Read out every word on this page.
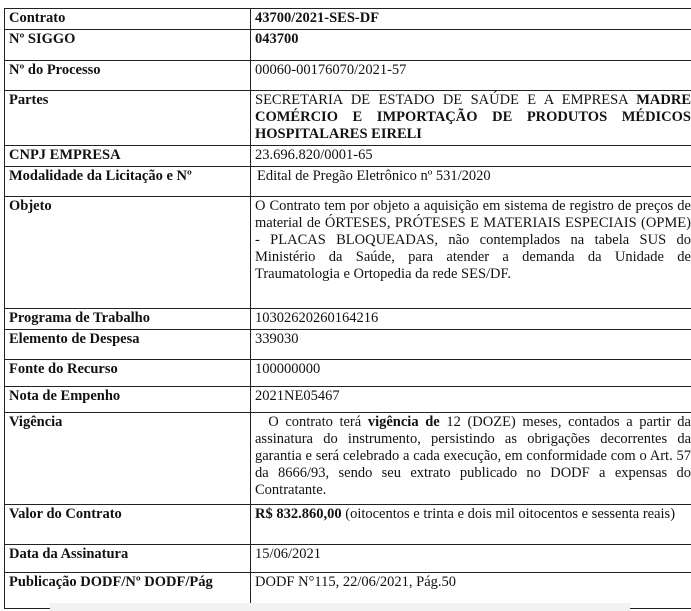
Contrato	43700/2021-SES-DF
Nº SIGGO	043700
Nº do Processo	00060-00176070/2021-57
Partes	SECRETARIA DE ESTADO DE SAÚDE E A EMPRESA MADRE COMÉRCIO E IMPORTAÇÃO DE PRODUTOS MÉDICOS HOSPITALARES EIRELI
CNPJ EMPRESA	23.696.820/0001-65
Modalidade da Licitação e Nº	Edital de Pregão Eletrônico nº 531/2020
Objeto	O Contrato tem por objeto a aquisição em sistema de registro de preços de material de ÓRTESES, PRÓTESES E MATERIAIS ESPECIAIS (OPME) - PLACAS BLOQUEADAS, não contemplados na tabela SUS do Ministério da Saúde, para atender a demanda da Unidade de Traumatologia e Ortopedia da rede SES/DF.
Programa de Trabalho	10302620260164216
Elemento de Despesa	339030
Fonte do Recurso	100000000
Nota de Empenho	2021NE05467
Vigência	O contrato terá vigência de 12 (DOZE) meses, contados a partir da assinatura do instrumento, persistindo as obrigações decorrentes da garantia e será celebrado a cada execução, em conformidade com o Art. 57 da 8666/93, sendo seu extrato publicado no DODF a expensas do Contratante.
Valor do Contrato	R$ 832.860,00 (oitocentos e trinta e dois mil oitocentos e sessenta reais)
Data da Assinatura	15/06/2021
Publicação DODF/Nº DODF/Pág	DODF N°115, 22/06/2021, Pág.50
